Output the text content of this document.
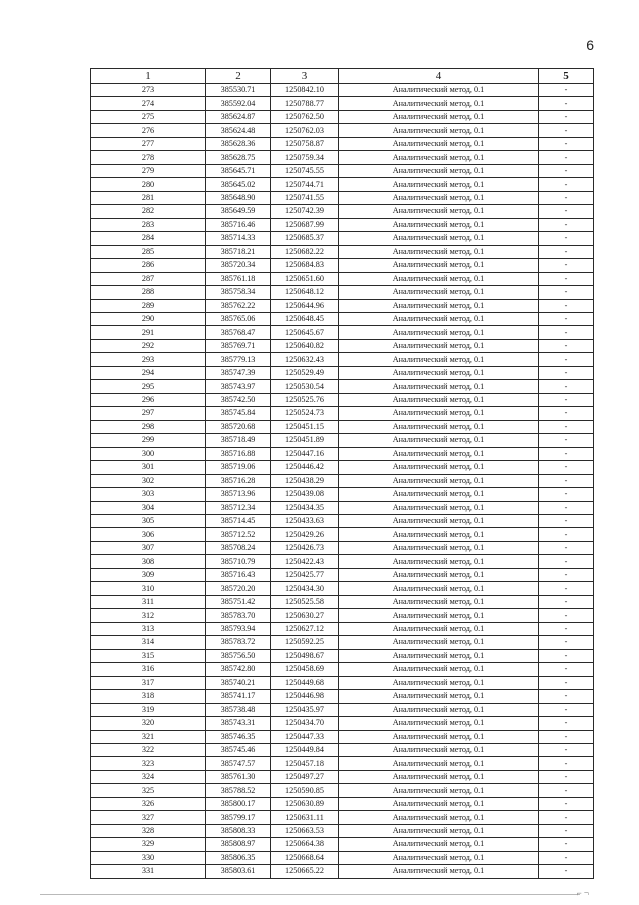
6
1	2	3	4	5
273	385530.71	1250842.10	Аналитический метод, 0.1	-
274	385592.04	1250788.77	Аналитический метод, 0.1	-
275	385624.87	1250762.50	Аналитический метод, 0.1	-
276	385624.48	1250762.03	Аналитический метод, 0.1	-
277	385628.36	1250758.87	Аналитический метод, 0.1	-
278	385628.75	1250759.34	Аналитический метод, 0.1	-
279	385645.71	1250745.55	Аналитический метод, 0.1	-
280	385645.02	1250744.71	Аналитический метод, 0.1	-
281	385648.90	1250741.55	Аналитический метод, 0.1	-
282	385649.59	1250742.39	Аналитический метод, 0.1	-
283	385716.46	1250687.99	Аналитический метод, 0.1	-
284	385714.33	1250685.37	Аналитический метод, 0.1	-
285	385718.21	1250682.22	Аналитический метод, 0.1	-
286	385720.34	1250684.83	Аналитический метод, 0.1	-
287	385761.18	1250651.60	Аналитический метод, 0.1	-
288	385758.34	1250648.12	Аналитический метод, 0.1	-
289	385762.22	1250644.96	Аналитический метод, 0.1	-
290	385765.06	1250648.45	Аналитический метод, 0.1	-
291	385768.47	1250645.67	Аналитический метод, 0.1	-
292	385769.71	1250640.82	Аналитический метод, 0.1	-
293	385779.13	1250632.43	Аналитический метод, 0.1	-
294	385747.39	1250529.49	Аналитический метод, 0.1	-
295	385743.97	1250530.54	Аналитический метод, 0.1	-
296	385742.50	1250525.76	Аналитический метод, 0.1	-
297	385745.84	1250524.73	Аналитический метод, 0.1	-
298	385720.68	1250451.15	Аналитический метод, 0.1	-
299	385718.49	1250451.89	Аналитический метод, 0.1	-
300	385716.88	1250447.16	Аналитический метод, 0.1	-
301	385719.06	1250446.42	Аналитический метод, 0.1	-
302	385716.28	1250438.29	Аналитический метод, 0.1	-
303	385713.96	1250439.08	Аналитический метод, 0.1	-
304	385712.34	1250434.35	Аналитический метод, 0.1	-
305	385714.45	1250433.63	Аналитический метод, 0.1	-
306	385712.52	1250429.26	Аналитический метод, 0.1	-
307	385708.24	1250426.73	Аналитический метод, 0.1	-
308	385710.79	1250422.43	Аналитический метод, 0.1	-
309	385716.43	1250425.77	Аналитический метод, 0.1	-
310	385720.20	1250434.30	Аналитический метод, 0.1	-
311	385751.42	1250525.58	Аналитический метод, 0.1	-
312	385783.70	1250630.27	Аналитический метод, 0.1	-
313	385793.94	1250627.12	Аналитический метод, 0.1	-
314	385783.72	1250592.25	Аналитический метод, 0.1	-
315	385756.50	1250498.67	Аналитический метод, 0.1	-
316	385742.80	1250458.69	Аналитический метод, 0.1	-
317	385740.21	1250449.68	Аналитический метод, 0.1	-
318	385741.17	1250446.98	Аналитический метод, 0.1	-
319	385738.48	1250435.97	Аналитический метод, 0.1	-
320	385743.31	1250434.70	Аналитический метод, 0.1	-
321	385746.35	1250447.33	Аналитический метод, 0.1	-
322	385745.46	1250449.84	Аналитический метод, 0.1	-
323	385747.57	1250457.18	Аналитический метод, 0.1	-
324	385761.30	1250497.27	Аналитический метод, 0.1	-
325	385788.52	1250590.85	Аналитический метод, 0.1	-
326	385800.17	1250630.89	Аналитический метод, 0.1	-
327	385799.17	1250631.11	Аналитический метод, 0.1	-
328	385808.33	1250663.53	Аналитический метод, 0.1	-
329	385808.97	1250664.38	Аналитический метод, 0.1	-
330	385806.35	1250668.64	Аналитический метод, 0.1	-
331	385803.61	1250665.22	Аналитический метод, 0.1	-
⌐ ¬
